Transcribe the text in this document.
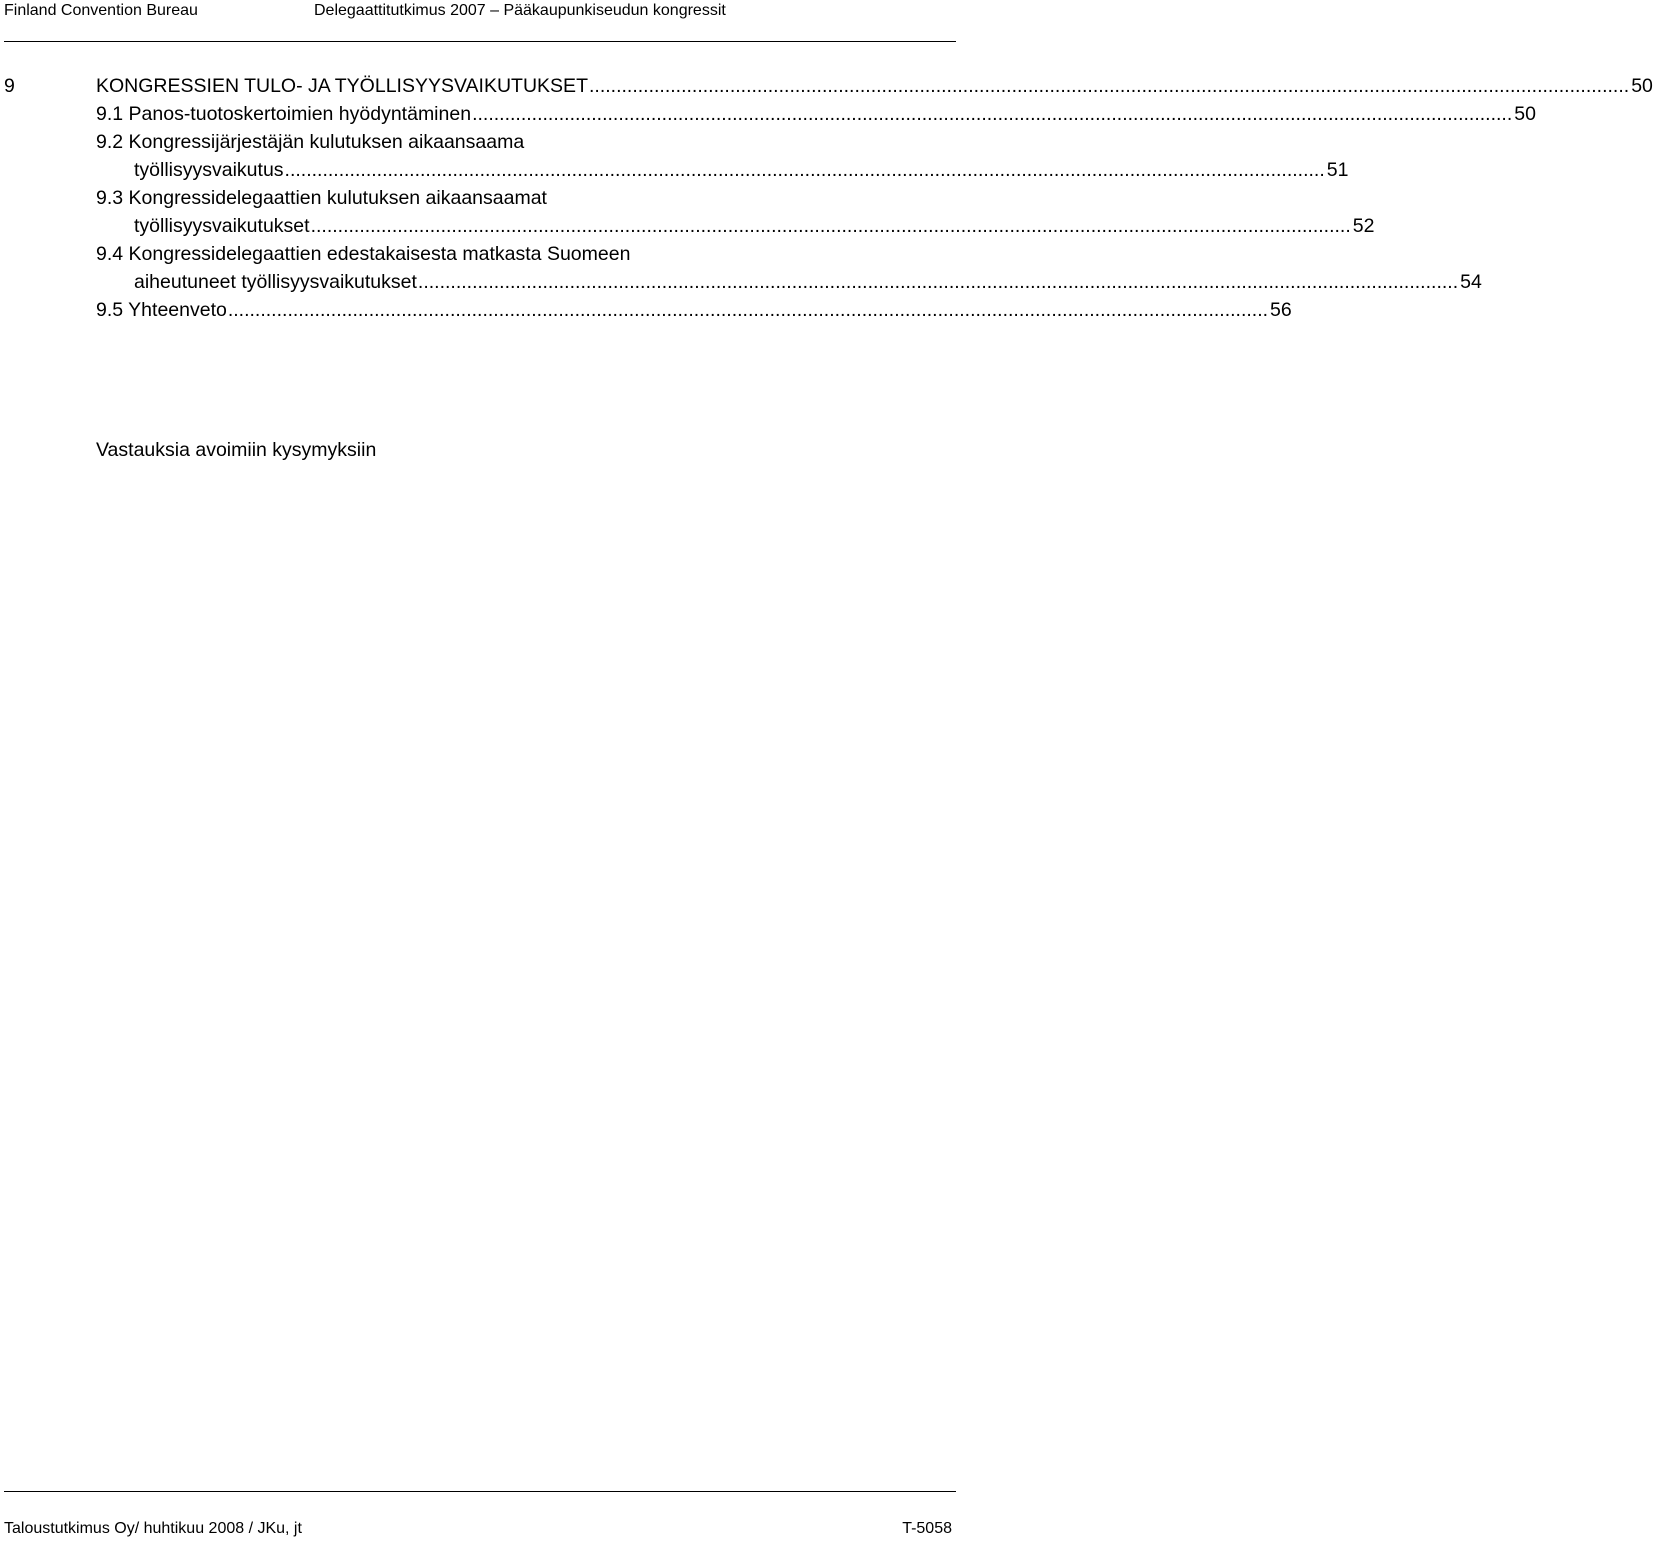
Finland Convention Bureau	Delegaattitutkimus 2007 – Pääkaupunkiseudun kongressit
9	KONGRESSIEN TULO- JA TYÖLLISYYSVAIKUTUKSET ................................................................................................................................................................................................ 50
9.1 Panos-tuotoskertoimien hyödyntäminen ................................................................................................................................................................................................ 50
9.2 Kongressijärjestäjän kulutuksen aikaansaama
työllisyysvaikutus ................................................................................................................................................................................................ 51
9.3 Kongressidelegaattien kulutuksen aikaansaamat
työllisyysvaikutukset ................................................................................................................................................................................................ 52
9.4 Kongressidelegaattien edestakaisesta matkasta Suomeen
aiheutuneet työllisyysvaikutukset ................................................................................................................................................................................................ 54
9.5 Yhteenveto ................................................................................................................................................................................................ 56
Vastauksia avoimiin kysymyksiin
Taloustutkimus Oy/ huhtikuu 2008 / JKu, jt	T-5058
